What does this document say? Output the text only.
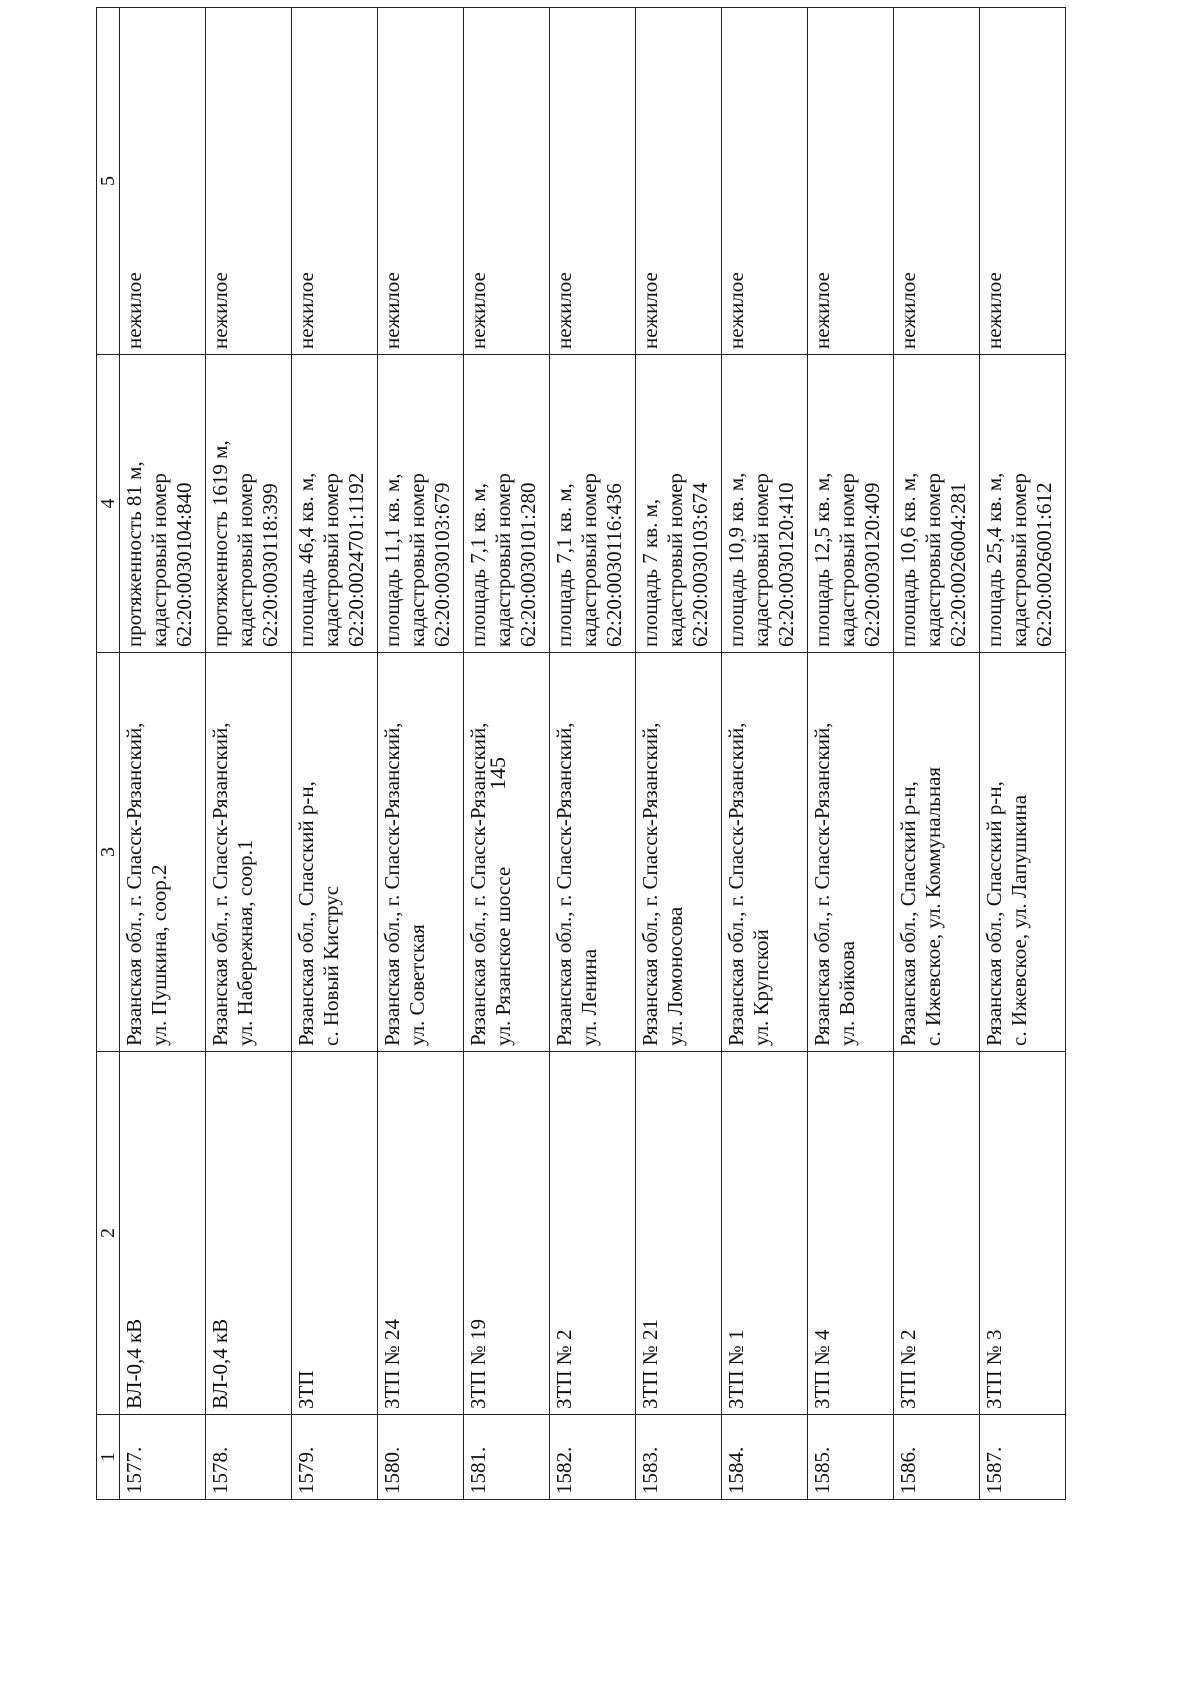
145
1	2	3	4	5
1577.	ВЛ-0,4 кВ	Рязанская обл., г. Спасск-Рязанский, ул. Пушкина, соор.2	протяженность 81 м, кадастровый номер 62:20:0030104:840	нежилое
1578.	ВЛ-0,4 кВ	Рязанская обл., г. Спасск-Рязанский, ул. Набережная, соор.1	протяженность 1619 м, кадастровый номер 62:20:0030118:399	нежилое
1579.	ЗТП	Рязанская обл., Спасский р-н, с. Новый Киструс	площадь 46,4 кв. м, кадастровый номер 62:20:0024701:1192	нежилое
1580.	ЗТП № 24	Рязанская обл., г. Спасск-Рязанский, ул. Советская	площадь 11,1 кв. м, кадастровый номер 62:20:0030103:679	нежилое
1581.	ЗТП № 19	Рязанская обл., г. Спасск-Рязанский, ул. Рязанское шоссе	площадь 7,1 кв. м, кадастровый номер 62:20:0030101:280	нежилое
1582.	ЗТП № 2	Рязанская обл., г. Спасск-Рязанский, ул. Ленина	площадь 7,1 кв. м, кадастровый номер 62:20:0030116:436	нежилое
1583.	ЗТП № 21	Рязанская обл., г. Спасск-Рязанский, ул. Ломоносова	площадь 7 кв. м, кадастровый номер 62:20:0030103:674	нежилое
1584.	ЗТП № 1	Рязанская обл., г. Спасск-Рязанский, ул. Крупской	площадь 10,9 кв. м, кадастровый номер 62:20:0030120:410	нежилое
1585.	ЗТП № 4	Рязанская обл., г. Спасск-Рязанский, ул. Войкова	площадь 12,5 кв. м, кадастровый номер 62:20:0030120:409	нежилое
1586.	ЗТП № 2	Рязанская обл., Спасский р-н, с. Ижевское, ул. Коммунальная	площадь 10,6 кв. м, кадастровый номер 62:20:0026004:281	нежилое
1587.	ЗТП № 3	Рязанская обл., Спасский р-н, с. Ижевское, ул. Лапушкина	площадь 25,4 кв. м, кадастровый номер 62:20:0026001:612	нежилое
